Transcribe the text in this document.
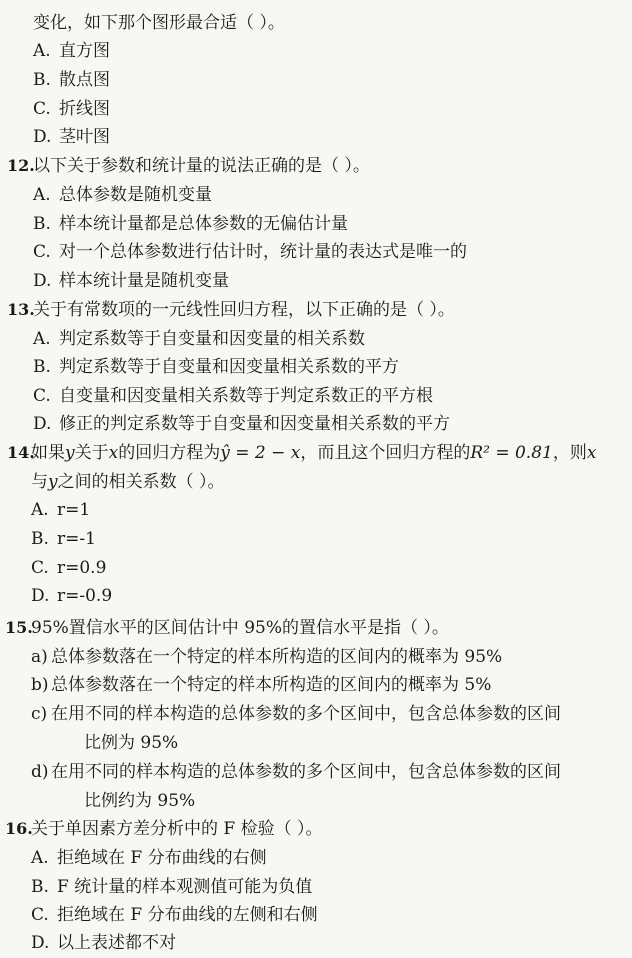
变化，如下那个图形最合适（ ）。
A. 直方图
B. 散点图
C. 折线图
D. 茎叶图
12.
以下关于参数和统计量的说法正确的是（ ）。
A. 总体参数是随机变量
B. 样本统计量都是总体参数的无偏估计量
C. 对一个总体参数进行估计时，统计量的表达式是唯一的
D. 样本统计量是随机变量
13.
关于有常数项的一元线性回归方程，以下正确的是（ ）。
A. 判定系数等于自变量和因变量的相关系数
B. 判定系数等于自变量和因变量相关系数的平方
C. 自变量和因变量相关系数等于判定系数正的平方根
D. 修正的判定系数等于自变量和因变量相关系数的平方
14.
如果y关于x的回归方程为ŷ = 2 − x，而且这个回归方程的R² = 0.81，则x
与y之间的相关系数（ ）。
A. r=1
B. r=-1
C. r=0.9
D. r=-0.9
15.
95%置信水平的区间估计中 95%的置信水平是指（ ）。
a) 总体参数落在一个特定的样本所构造的区间内的概率为 95%
b) 总体参数落在一个特定的样本所构造的区间内的概率为 5%
c) 在用不同的样本构造的总体参数的多个区间中，包含总体参数的区间
比例为 95%
d) 在用不同的样本构造的总体参数的多个区间中，包含总体参数的区间
比例约为 95%
16.
关于单因素方差分析中的 F 检验（ ）。
A. 拒绝域在 F 分布曲线的右侧
B. F 统计量的样本观测值可能为负值
C. 拒绝域在 F 分布曲线的左侧和右侧
D. 以上表述都不对
